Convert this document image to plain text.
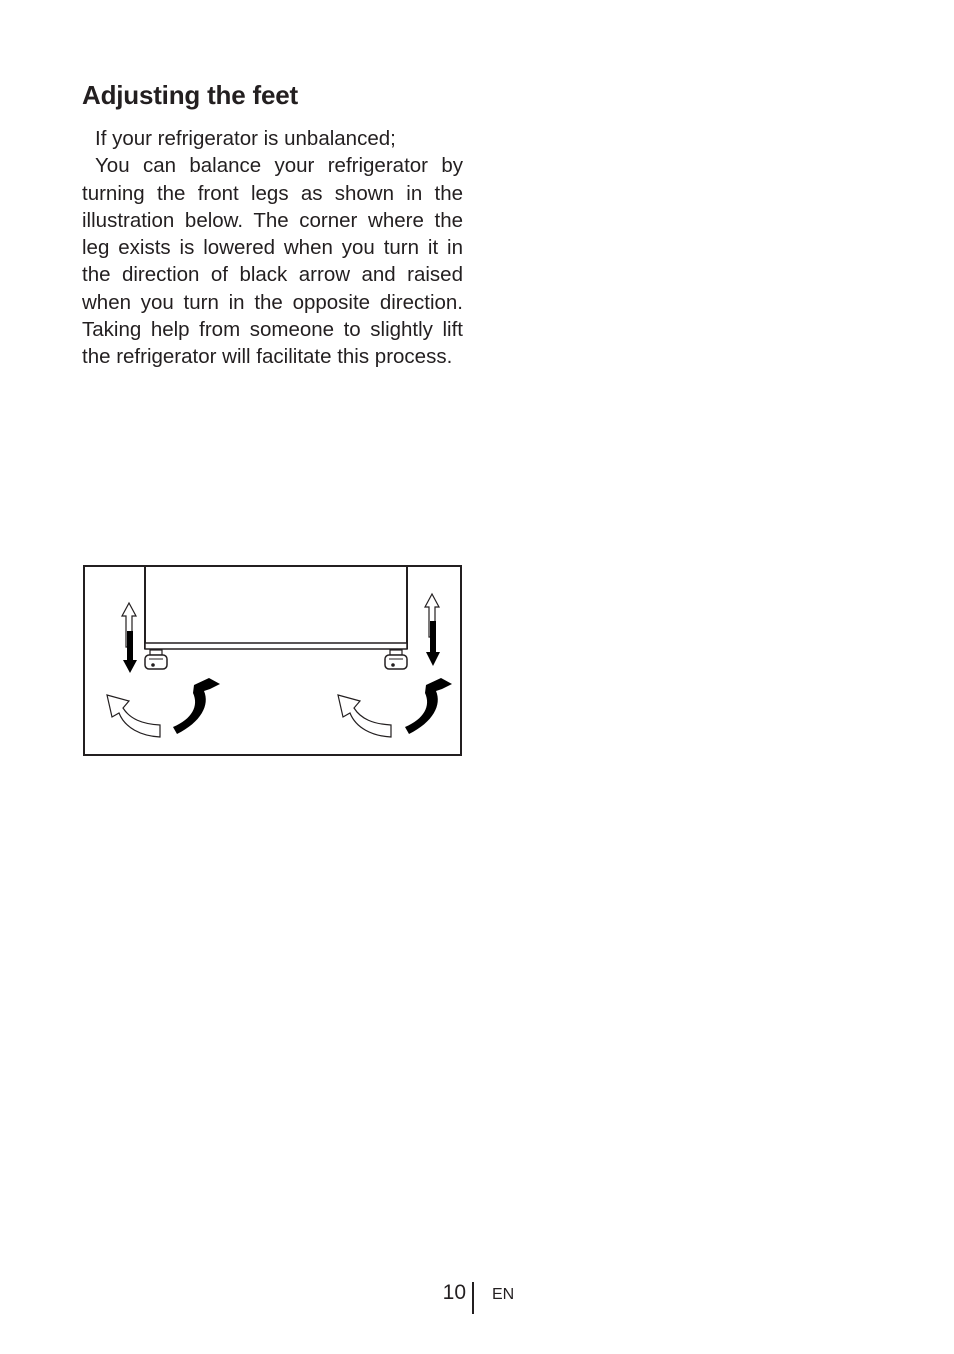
Adjusting the feet

If your refrigerator is unbalanced;

You can balance your refrigerator by turning the front legs as shown in the illustration below. The corner where the leg exists is lowered when you turn it in the direction of black arrow and raised when you turn in the opposite direction. Taking help from someone to slightly lift the refrigerator will facilitate this process.

10 EN
